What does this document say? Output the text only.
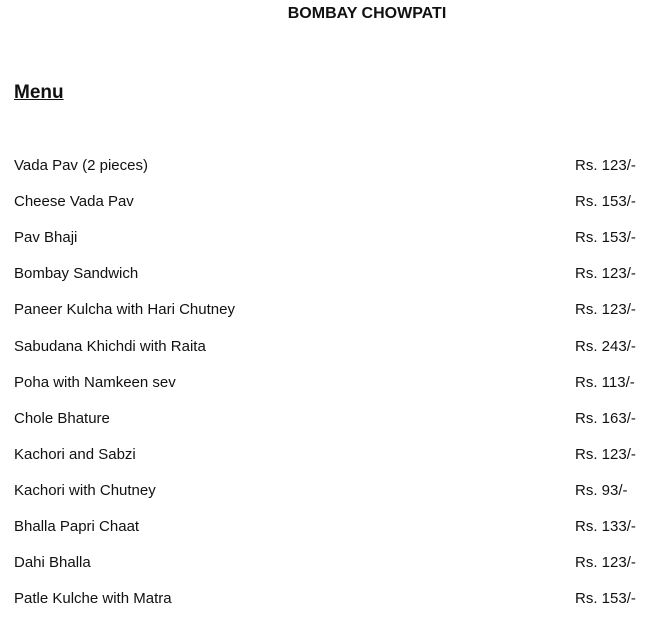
BOMBAY CHOWPATI
Menu
Vada Pav (2 pieces)	Rs. 123/-
Cheese Vada Pav	Rs. 153/-
Pav Bhaji	Rs. 153/-
Bombay Sandwich	Rs. 123/-
Paneer Kulcha with Hari Chutney	Rs. 123/-
Sabudana Khichdi with Raita	Rs. 243/-
Poha with Namkeen sev	Rs. 113/-
Chole Bhature	Rs. 163/-
Kachori and Sabzi	Rs. 123/-
Kachori with Chutney	Rs. 93/-
Bhalla Papri Chaat	Rs. 133/-
Dahi Bhalla	Rs. 123/-
Patle Kulche with Matra	Rs. 153/-
